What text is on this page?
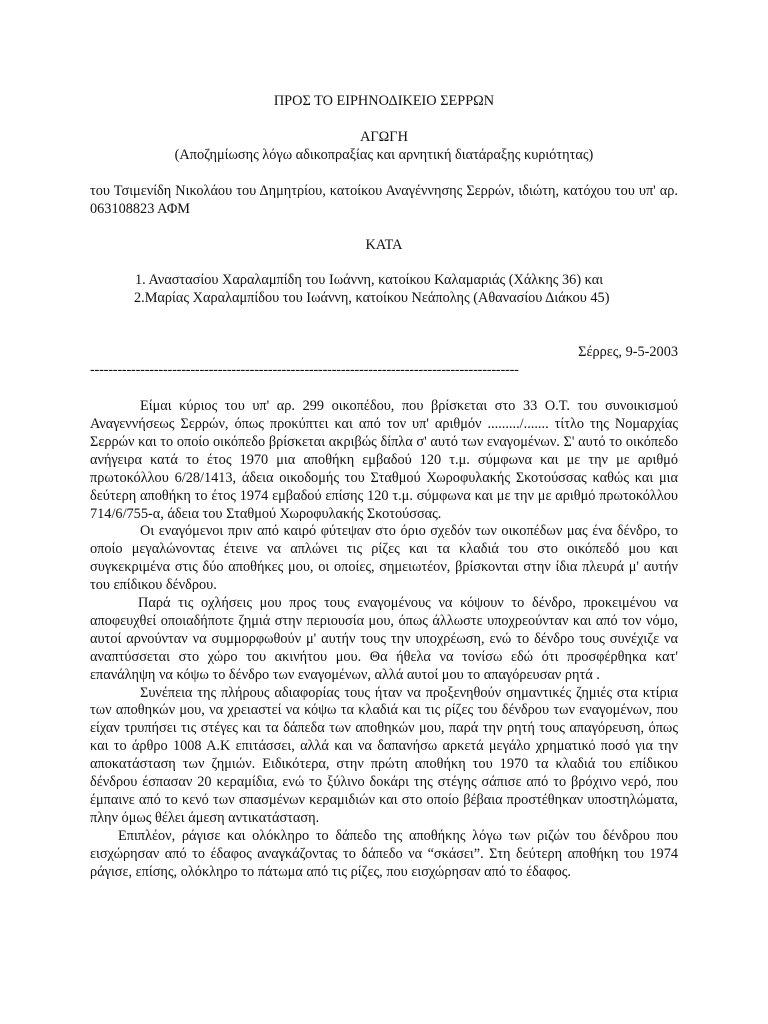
ΠΡΟΣ ΤΟ ΕΙΡΗΝΟΔΙΚΕΙΟ ΣΕΡΡΩΝ

ΑΓΩΓΗ

(Αποζημίωσης λόγω αδικοπραξίας και αρνητική διατάραξης κυριότητας)

του Τσιμενίδη Νικολάου του Δημητρίου, κατοίκου Αναγέννησης Σερρών, ιδιώτη, κατόχου του υπ' αρ. 063108823 ΑΦΜ

ΚΑΤΑ

1. Αναστασίου Χαραλαμπίδη του Ιωάννη, κατοίκου Καλαμαριάς (Χάλκης 36) και

2.Μαρίας Χαραλαμπίδου του Ιωάννη, κατοίκου Νεάπολης (Αθανασίου Διάκου 45)

Σέρρες, 9-5-2003

----------------------------------------------------------------------------------------------

Είμαι κύριος του υπ' αρ. 299 οικοπέδου, που βρίσκεται στο 33 Ο.Τ. του συνοικισμού Αναγεννήσεως Σερρών, όπως προκύπτει και από τον υπ' αριθμόν ........./....... τίτλο της Νομαρχίας Σερρών και το οποίο οικόπεδο βρίσκεται ακριβώς δίπλα σ' αυτό των εναγομένων. Σ' αυτό το οικόπεδο ανήγειρα κατά το έτος 1970 μια αποθήκη εμβαδού 120 τ.μ. σύμφωνα και με την με αριθμό πρωτοκόλλου 6/28/1413, άδεια οικοδομής του Σταθμού Χωροφυλακής Σκοτούσσας καθώς και μια δεύτερη αποθήκη το έτος 1974 εμβαδού επίσης 120 τ.μ. σύμφωνα και με την με αριθμό πρωτοκόλλου 714/6/755-α, άδεια του Σταθμού Χωροφυλακής Σκοτούσσας.

Οι εναγόμενοι πριν από καιρό φύτεψαν στο όριο σχεδόν των οικοπέδων μας ένα δένδρο, το οποίο μεγαλώνοντας έτεινε να απλώνει τις ρίζες και τα κλαδιά του στο οικόπεδό μου και συγκεκριμένα στις δύο αποθήκες μου, οι οποίες, σημειωτέον, βρίσκονται στην ίδια πλευρά μ' αυτήν του επίδικου δένδρου.

Παρά τις οχλήσεις μου προς τους εναγομένους να κόψουν το δένδρο, προκειμένου να αποφευχθεί οποιαδήποτε ζημιά στην περιουσία μου, όπως άλλωστε υποχρεούνταν και από τον νόμο, αυτοί αρνούνταν να συμμορφωθούν μ' αυτήν τους την υποχρέωση, ενώ το δένδρο τους συνέχιζε να αναπτύσσεται στο χώρο του ακινήτου μου. Θα ήθελα να τονίσω εδώ ότι προσφέρθηκα κατ' επανάληψη να κόψω το δένδρο των εναγομένων, αλλά αυτοί μου το απαγόρευσαν ρητά .

Συνέπεια της πλήρους αδιαφορίας τους ήταν να προξενηθούν σημαντικές ζημιές στα κτίρια των αποθηκών μου, να χρειαστεί να κόψω τα κλαδιά και τις ρίζες του δένδρου των εναγομένων, που είχαν τρυπήσει τις στέγες και τα δάπεδα των αποθηκών μου, παρά την ρητή τους απαγόρευση, όπως και το άρθρο 1008 Α.Κ επιτάσσει, αλλά και να δαπανήσω αρκετά μεγάλο χρηματικό ποσό για την αποκατάσταση των ζημιών. Ειδικότερα, στην πρώτη αποθήκη του 1970 τα κλαδιά του επίδικου δένδρου έσπασαν 20 κεραμίδια, ενώ το ξύλινο δοκάρι της στέγης σάπισε από το βρόχινο νερό, που έμπαινε από το κενό των σπασμένων κεραμιδιών και στο οποίο βέβαια προστέθηκαν υποστηλώματα, πλην όμως θέλει άμεση αντικατάσταση.

Επιπλέον, ράγισε και ολόκληρο το δάπεδο της αποθήκης λόγω των ριζών του δένδρου που εισχώρησαν από το έδαφος αναγκάζοντας το δάπεδο να “σκάσει”. Στη δεύτερη αποθήκη του 1974 ράγισε, επίσης, ολόκληρο το πάτωμα από τις ρίζες, που εισχώρησαν από το έδαφος.
